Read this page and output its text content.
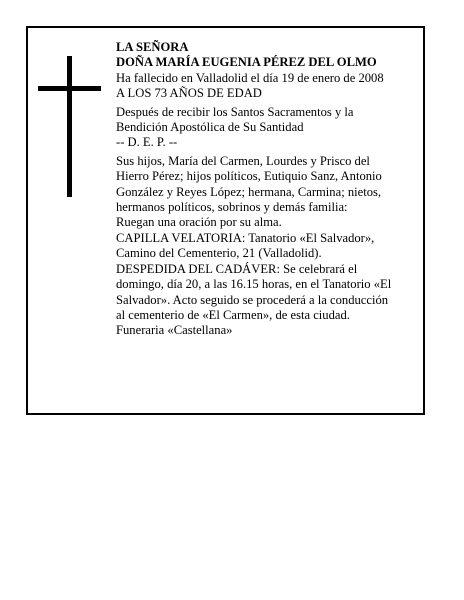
LA SEÑORA
DOÑA MARÍA EUGENIA PÉREZ DEL OLMO
Ha fallecido en Valladolid el día 19 de enero de 2008
A LOS 73 AÑOS DE EDAD
Después de recibir los Santos Sacramentos y la
Bendición Apostólica de Su Santidad
-- D. E. P. --
Sus hijos, María del Carmen, Lourdes y Prisco del
Hierro Pérez; hijos políticos, Eutiquio Sanz, Antonio
González y Reyes López; hermana, Carmina; nietos,
hermanos políticos, sobrinos y demás familia:
Ruegan una oración por su alma.
CAPILLA VELATORIA: Tanatorio «El Salvador»,
Camino del Cementerio, 21 (Valladolid).
DESPEDIDA DEL CADÁVER: Se celebrará el
domingo, día 20, a las 16.15 horas, en el Tanatorio «El
Salvador». Acto seguido se procederá a la conducción
al cementerio de «El Carmen», de esta ciudad.
Funeraria «Castellana»
